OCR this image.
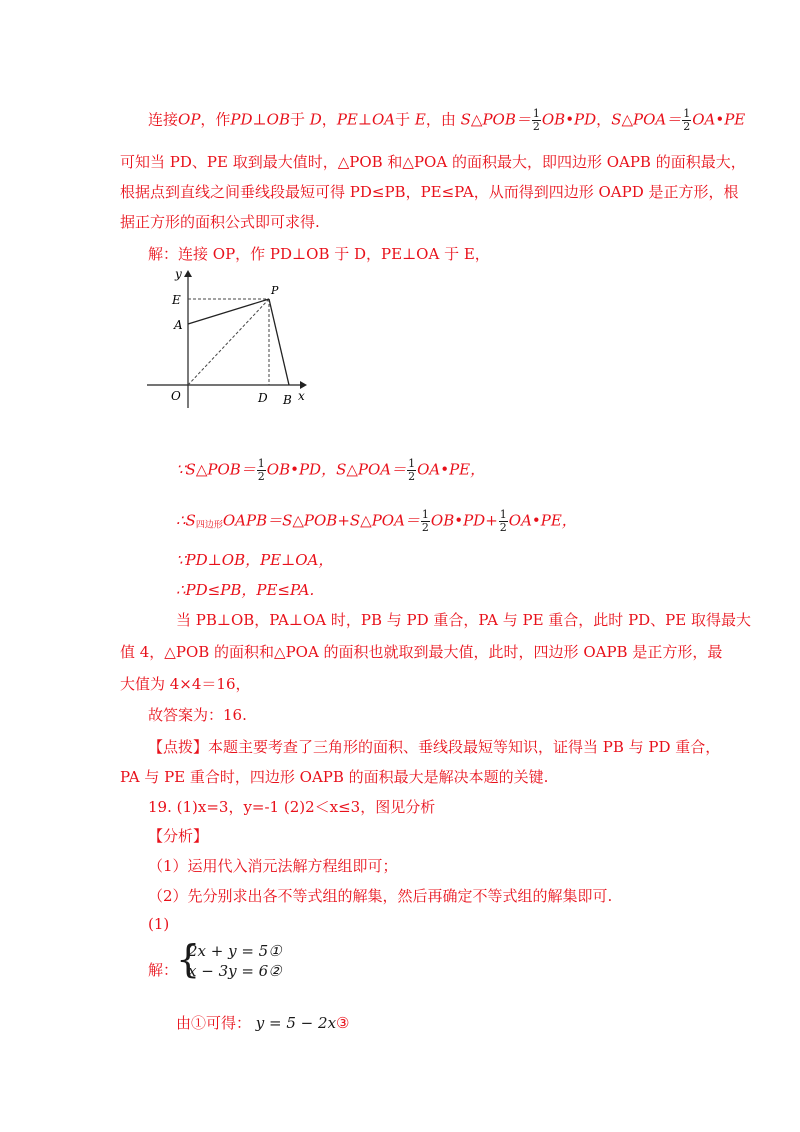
连接OP，作PD⊥OB于 D，PE⊥OA于 E，由 S△POB＝ $\frac{1}{2}$ OB•PD，S△POA＝ $\frac{1}{2}$ OA•PE
可知当 PD、PE 取到最大值时，△POB 和△POA 的面积最大，即四边形 OAPB 的面积最大，
根据点到直线之间垂线段最短可得 PD≤PB，PE≤PA，从而得到四边形 OAPD 是正方形，根
据正方形的面积公式即可求得.
解：连接 OP，作 PD⊥OB 于 D，PE⊥OA 于 E，
y
E
A
P
O	D B x
∵S△POB＝ $\frac{1}{2}$ OB•PD，S△POA＝ $\frac{1}{2}$ OA•PE，
$\therefore S_{四边形}OAPB=S\triangle POB+S\triangle POA= \frac{1}{2}$ OB•PD+ $\frac{1}{2}$ OA•PE，
∵PD⊥OB，PE⊥OA，
∴PD≤PB，PE≤PA.
当 PB⊥OB，PA⊥OA 时，PB 与 PD 重合，PA 与 PE 重合，此时 PD、PE 取得最大
值 4，△POB 的面积和△POA 的面积也就取到最大值，此时，四边形 OAPB 是正方形，最
大值为 4×4＝16，
故答案为：16.
【点拨】本题主要考查了三角形的面积、垂线段最短等知识，证得当 PB 与 PD 重合，
PA 与 PE 重合时，四边形 OAPB 的面积最大是解决本题的关键.
19. (1)x=3，y=-1 (2)2＜x≤3，图见分析
【分析】
（1）运用代入消元法解方程组即可；
（2）先分别求出各不等式组的解集，然后再确定不等式组的解集即可.
(1)
解：
{
2x + y = 5①
x − 3y = 6②
由①可得： y = 5 − 2x③
